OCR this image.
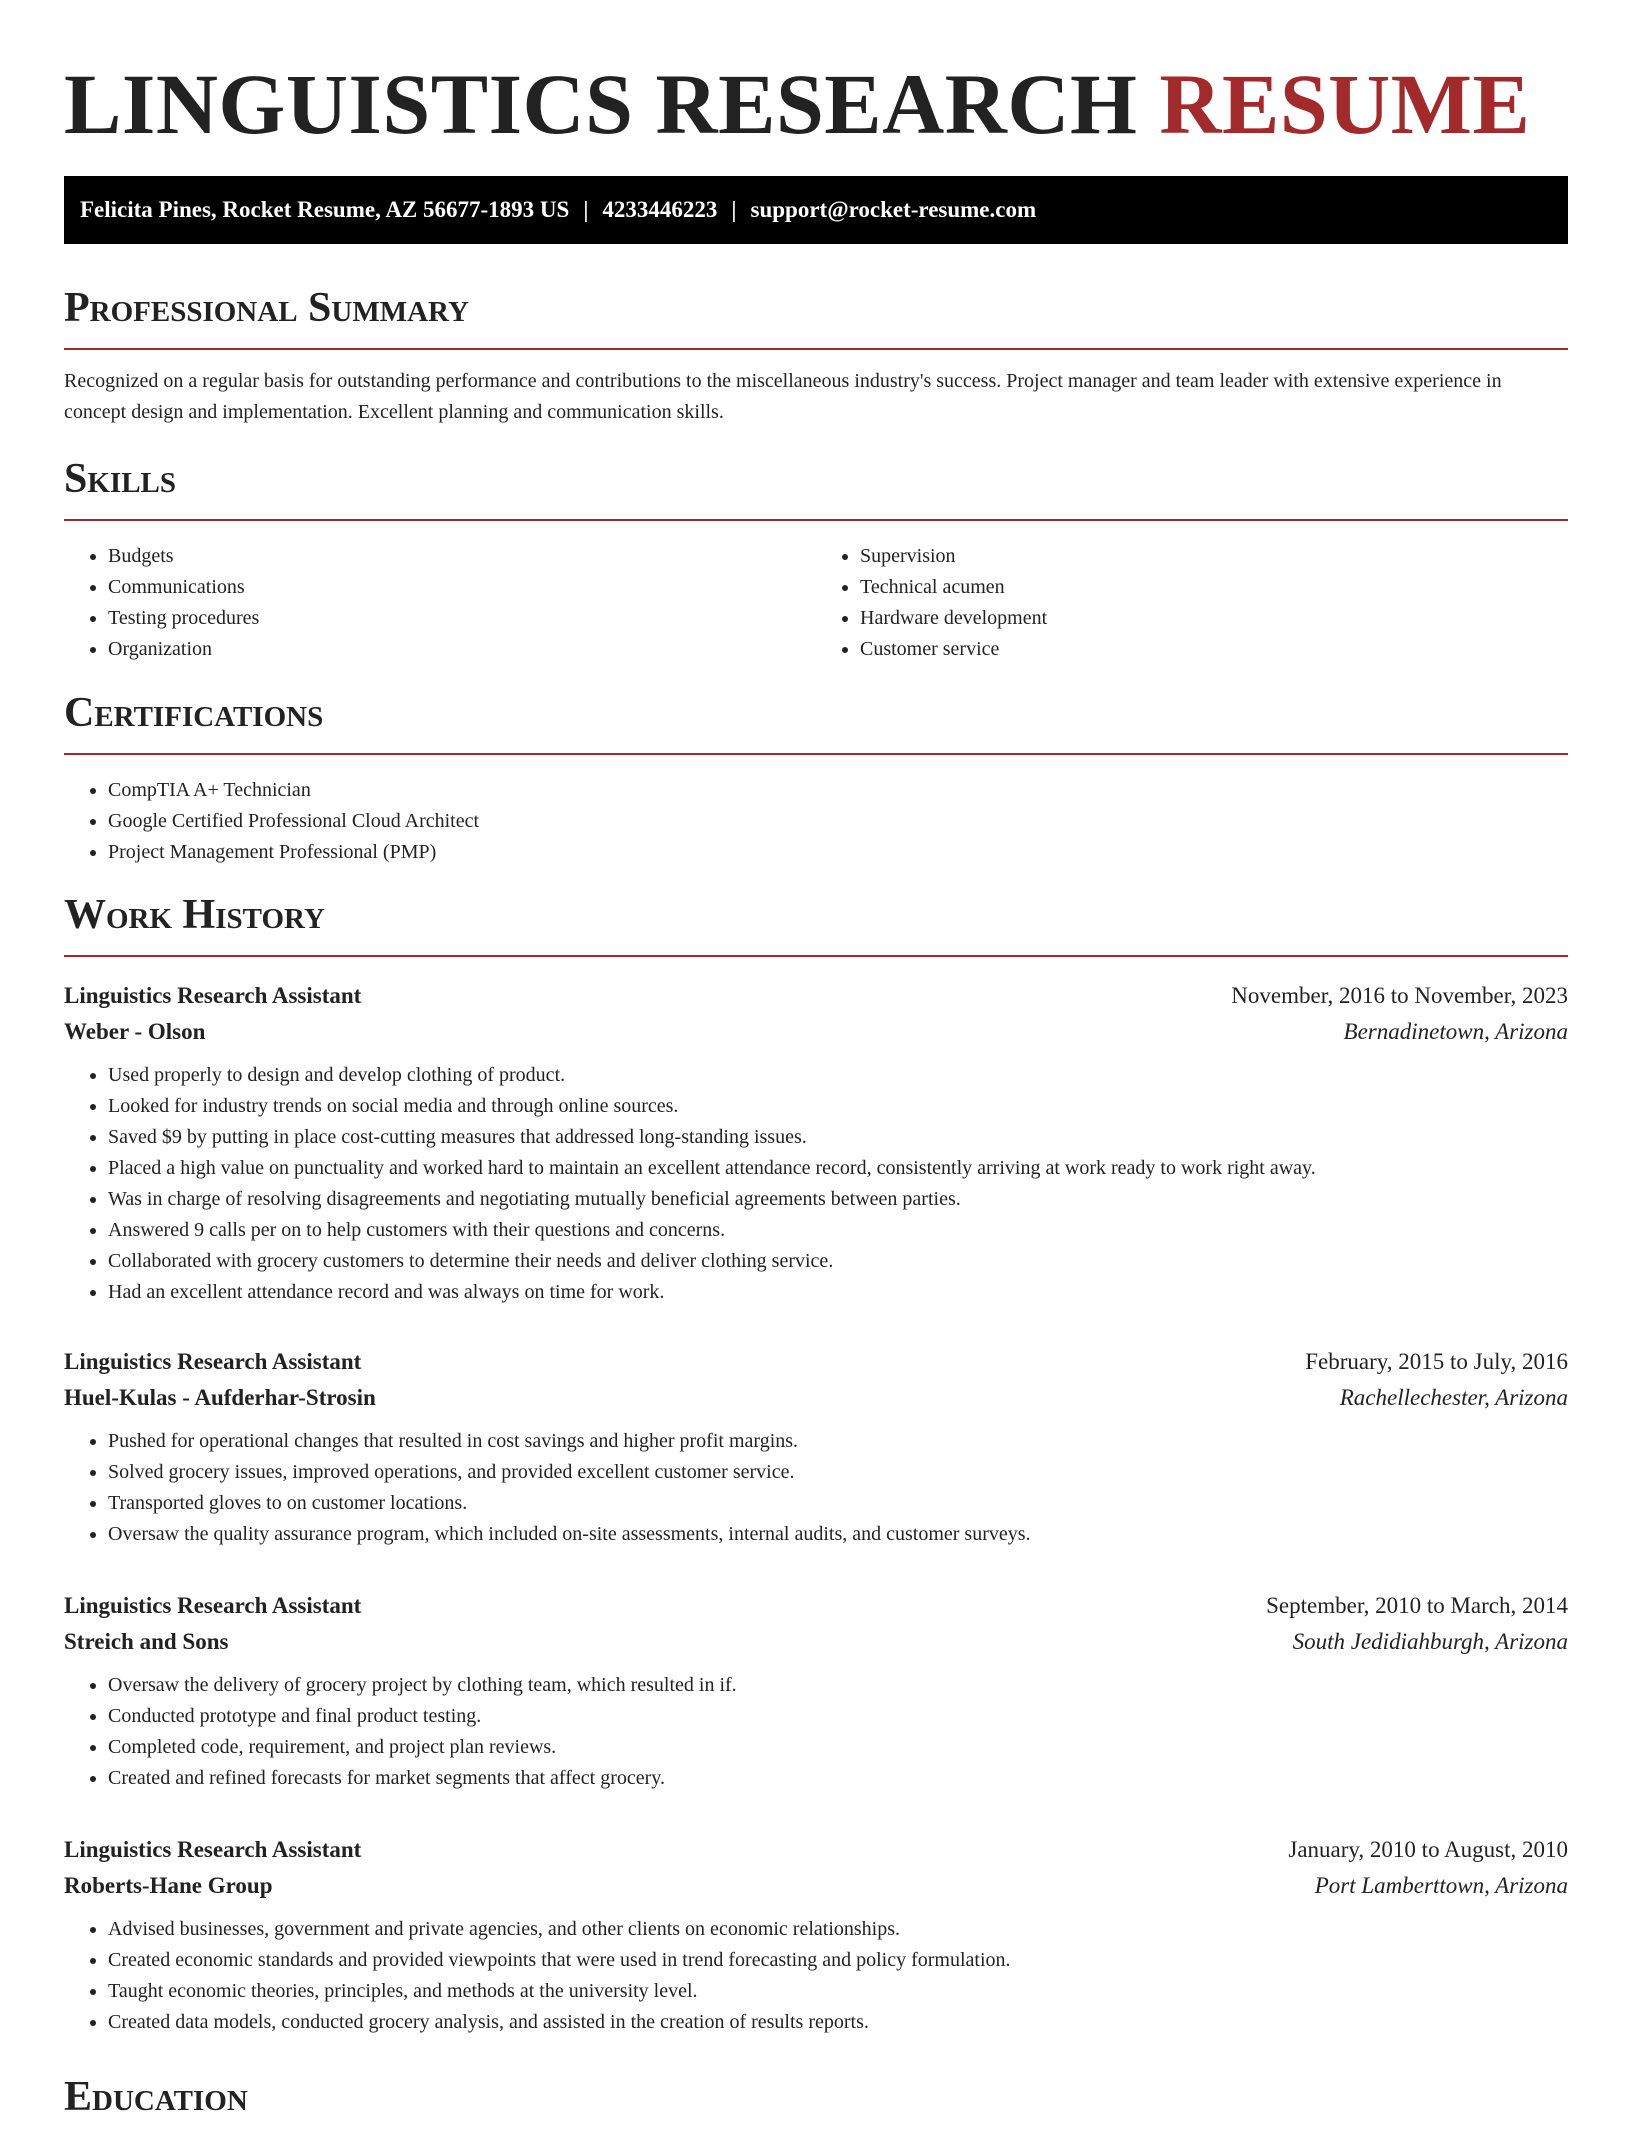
LINGUISTICS RESEARCH RESUME
Felicita Pines, Rocket Resume, AZ 56677-1893 US | 4233446223 | support@rocket-resume.com
Professional Summary

Recognized on a regular basis for outstanding performance and contributions to the miscellaneous industry's success. Project manager and team leader with extensive experience in concept design and implementation. Excellent planning and communication skills.

Skills
• Budgets
• Communications
• Testing procedures
• Organization
• Supervision
• Technical acumen
• Hardware development
• Customer service
Certifications
• CompTIA A+ Technician
• Google Certified Professional Cloud Architect
• Project Management Professional (PMP)
Work History
Linguistics Research Assistant	November, 2016 to November, 2023
Weber - Olson	Bernadinetown, Arizona
• Used properly to design and develop clothing of product.
• Looked for industry trends on social media and through online sources.
• Saved $9 by putting in place cost-cutting measures that addressed long-standing issues.
• Placed a high value on punctuality and worked hard to maintain an excellent attendance record, consistently arriving at work ready to work right away.
• Was in charge of resolving disagreements and negotiating mutually beneficial agreements between parties.
• Answered 9 calls per on to help customers with their questions and concerns.
• Collaborated with grocery customers to determine their needs and deliver clothing service.
• Had an excellent attendance record and was always on time for work.
Linguistics Research Assistant	February, 2015 to July, 2016
Huel-Kulas - Aufderhar-Strosin	Rachellechester, Arizona
• Pushed for operational changes that resulted in cost savings and higher profit margins.
• Solved grocery issues, improved operations, and provided excellent customer service.
• Transported gloves to on customer locations.
• Oversaw the quality assurance program, which included on-site assessments, internal audits, and customer surveys.
Linguistics Research Assistant	September, 2010 to March, 2014
Streich and Sons	South Jedidiahburgh, Arizona
• Oversaw the delivery of grocery project by clothing team, which resulted in if.
• Conducted prototype and final product testing.
• Completed code, requirement, and project plan reviews.
• Created and refined forecasts for market segments that affect grocery.
Linguistics Research Assistant	January, 2010 to August, 2010
Roberts-Hane Group	Port Lamberttown, Arizona
• Advised businesses, government and private agencies, and other clients on economic relationships.
• Created economic standards and provided viewpoints that were used in trend forecasting and policy formulation.
• Taught economic theories, principles, and methods at the university level.
• Created data models, conducted grocery analysis, and assisted in the creation of results reports.
Education
